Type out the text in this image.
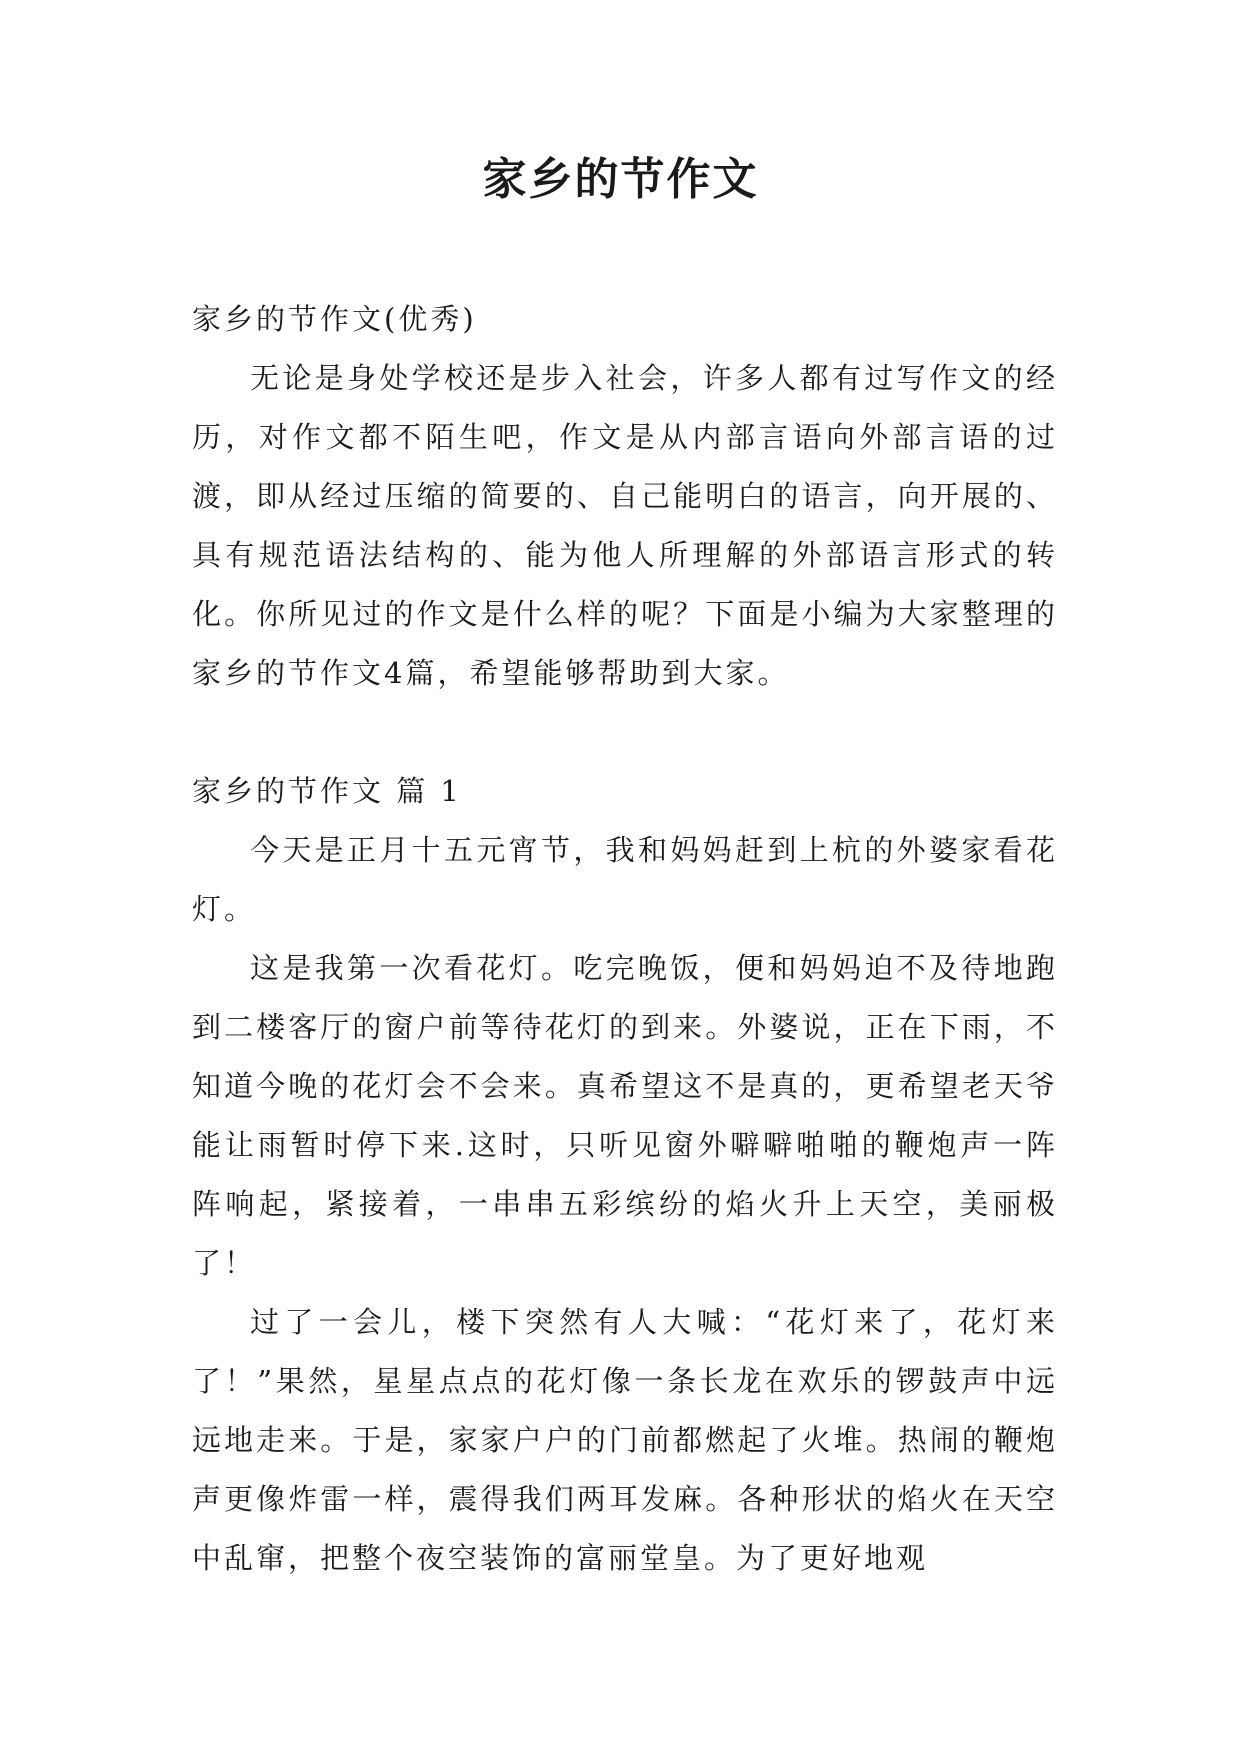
家乡的节作文

家乡的节作文(优秀)

无论是身处学校还是步入社会，许多人都有过写作文的经历，对作文都不陌生吧，作文是从内部言语向外部言语的过渡，即从经过压缩的简要的、自己能明白的语言，向开展的、具有规范语法结构的、能为他人所理解的外部语言形式的转化。你所见过的作文是什么样的呢？下面是小编为大家整理的家乡的节作文4篇，希望能够帮助到大家。

家乡的节作文 篇 1

今天是正月十五元宵节，我和妈妈赶到上杭的外婆家看花灯。

这是我第一次看花灯。吃完晚饭，便和妈妈迫不及待地跑到二楼客厅的窗户前等待花灯的到来。外婆说，正在下雨，不知道今晚的花灯会不会来。真希望这不是真的，更希望老天爷能让雨暂时停下来.这时，只听见窗外噼噼啪啪的鞭炮声一阵阵响起，紧接着，一串串五彩缤纷的焰火升上天空，美丽极了！

过了一会儿，楼下突然有人大喊：“花灯来了，花灯来了！”果然，星星点点的花灯像一条长龙在欢乐的锣鼓声中远远地走来。于是，家家户户的门前都燃起了火堆。热闹的鞭炮声更像炸雷一样，震得我们两耳发麻。各种形状的焰火在天空中乱窜，把整个夜空装饰的富丽堂皇。为了更好地观
